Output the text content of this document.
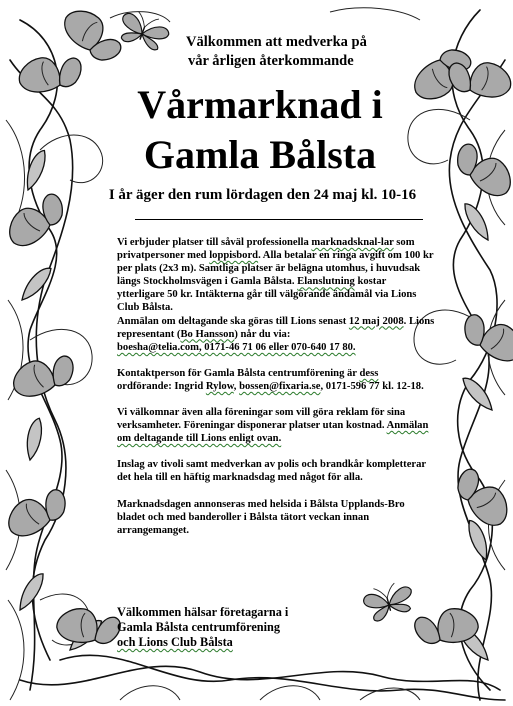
Välkommen att medverka på
vår årligen återkommande
Vårmarknad i
Gamla Bålsta
I år äger den rum lördagen den 24 maj kl. 10-16

Vi erbjuder platser till såväl professionella marknadsknal-lar som privatpersoner med loppisbord. Alla betalar en ringa avgift om 100 kr per plats (2x3 m). Samtliga platser är belägna utomhus, i huvudsak längs Stockholmsvägen i Gamla Bålsta. Elanslutning kostar ytterligare 50 kr. Intäkterna går till välgörande ändamål via Lions Club Bålsta.

Anmälan om deltagande ska göras till Lions senast 12 maj 2008. Lions representant (Bo Hansson) når du via:
boesha@telia.com, 0171-46 71 06 eller 070-640 17 80.

Kontaktperson för Gamla Bålsta centrumförening är dess ordförande: Ingrid Rylow, bossen@fixaria.se, 0171-596 77 kl. 12-18.

Vi välkomnar även alla föreningar som vill göra reklam för sina verksamheter. Föreningar disponerar platser utan kostnad. Anmälan om deltagande till Lions enligt ovan.

Inslag av tivoli samt medverkan av polis och brandkår kompletterar det hela till en häftig marknadsdag med något för alla.

Marknadsdagen annonseras med helsida i Bålsta Upplands-Bro bladet och med banderoller i Bålsta tätort veckan innan arrangemanget.

Välkommen hälsar företagarna i
Gamla Bålsta centrumförening
och Lions Club Bålsta
